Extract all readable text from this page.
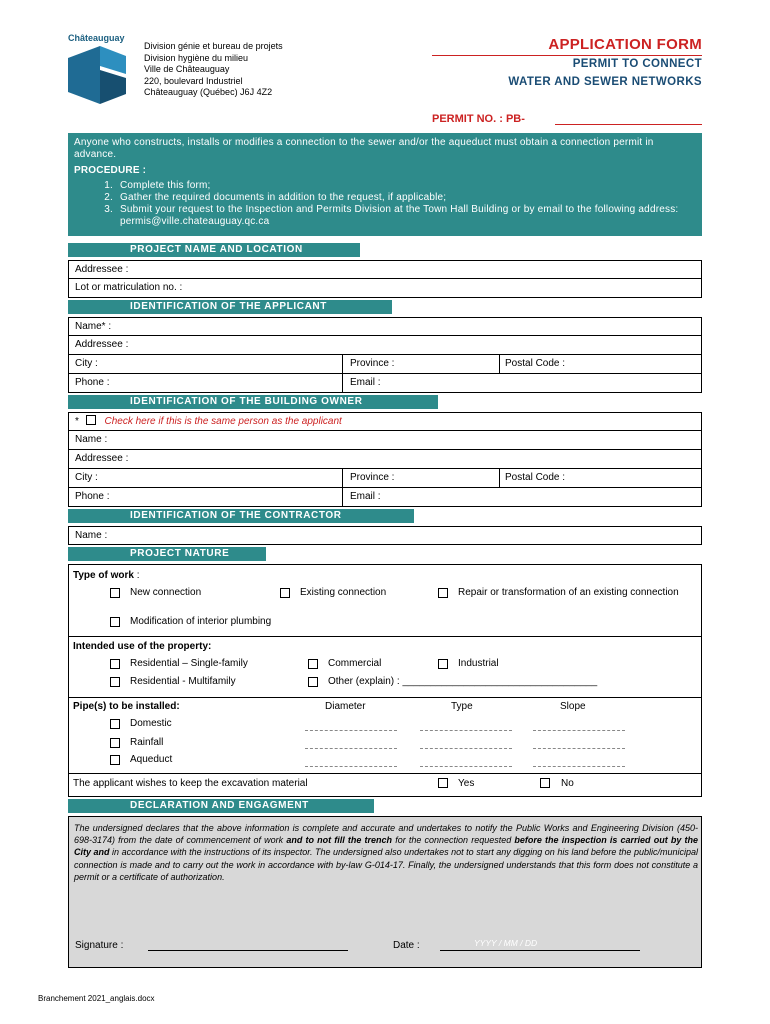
Châteauguay
Division génie et bureau de projets
Division hygiène du milieu
Ville de Châteauguay
220, boulevard Industriel
Châteauguay (Québec) J6J 4Z2
APPLICATION FORM
PERMIT TO CONNECT
WATER AND SEWER NETWORKS
PERMIT NO. : PB-
Anyone who constructs, installs or modifies a connection to the sewer and/or the aqueduct must obtain a connection permit in advance.
PROCEDURE :
1. Complete this form;
2. Gather the required documents in addition to the request, if applicable;
3. Submit your request to the Inspection and Permits Division at the Town Hall Building or by email to the following address: permis@ville.chateauguay.qc.ca
PROJECT NAME AND LOCATION
Addressee :
Lot or matriculation no. :
IDENTIFICATION OF THE APPLICANT
Name* :
Addressee :
City :	Province :	Postal Code :
Phone :	Email :
IDENTIFICATION OF THE BUILDING OWNER
*	Check here if this is the same person as the applicant
Name :
Addressee :
City :	Province :	Postal Code :
Phone :	Email :
IDENTIFICATION OF THE CONTRACTOR
Name :
PROJECT NATURE
Type of work :
New connection	Existing connection	Repair or transformation of an existing connection
Modification of interior plumbing
Intended use of the property:
Residential – Single-family	Commercial	Industrial
Residential - Multifamily	Other (explain) : ___________________________________
Pipe(s) to be installed:	Diameter	Type	Slope
Domestic
Rainfall
Aqueduct
The applicant wishes to keep the excavation material	Yes	No
DECLARATION AND ENGAGMENT
The undersigned declares that the above information is complete and accurate and undertakes to notify the Public Works and Engineering Division (450-698-3174) from the date of commencement of work and to not fill the trench for the connection requested before the inspection is carried out by the City and in accordance with the instructions of its inspector. The undersigned also undertakes not to start any digging on his land before the public/municipal connection is made and to carry out the work in accordance with by-law G-014-17. Finally, the undersigned understands that this form does not constitute a permit or a certificate of authorization.
Signature :	Date :	YYYY / MM / DD
Branchement 2021_anglais.docx
